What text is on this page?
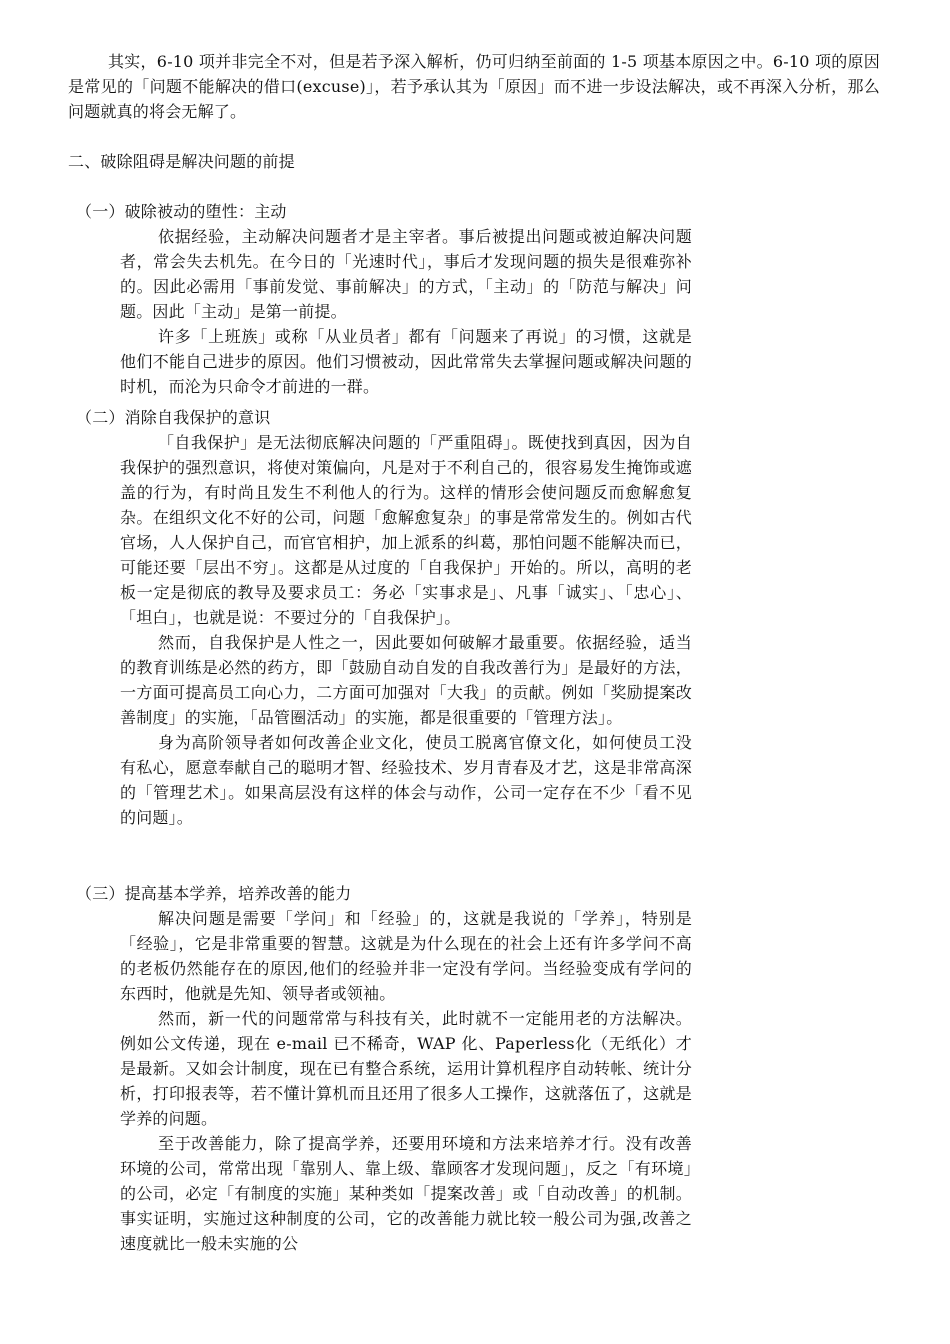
其实，6-10 项并非完全不对，但是若予深入解析，仍可归纳至前面的 1-5 项基本原因之中。6-10 项的原因是常见的「问题不能解决的借口(excuse)」，若予承认其为「原因」而不进一步设法解决，或不再深入分析，那么问题就真的将会无解了。

二、破除阻碍是解决问题的前提

（一）破除被动的堕性：主动

依据经验，主动解决问题者才是主宰者。事后被提出问题或被迫解决问题者，常会失去机先。在今日的「光速时代」，事后才发现问题的损失是很难弥补的。因此必需用「事前发觉、事前解决」的方式，「主动」的「防范与解决」问题。因此「主动」是第一前提。

许多「上班族」或称「从业员者」都有「问题来了再说」的习惯，这就是他们不能自己进步的原因。他们习惯被动，因此常常失去掌握问题或解决问题的时机，而沦为只命令才前进的一群。

（二）消除自我保护的意识

「自我保护」是无法彻底解决问题的「严重阻碍」。既使找到真因，因为自我保护的强烈意识，将使对策偏向，凡是对于不利自己的，很容易发生掩饰或遮盖的行为，有时尚且发生不利他人的行为。这样的情形会使问题反而愈解愈复杂。在组织文化不好的公司，问题「愈解愈复杂」的事是常常发生的。例如古代官场，人人保护自己，而官官相护，加上派系的纠葛，那怕问题不能解决而已，可能还要「层出不穷」。这都是从过度的「自我保护」开始的。所以，高明的老板一定是彻底的教导及要求员工：务必「实事求是」、凡事「诚实」、「忠心」、「坦白」，也就是说：不要过分的「自我保护」。

然而，自我保护是人性之一，因此要如何破解才最重要。依据经验，适当的教育训练是必然的药方，即「鼓励自动自发的自我改善行为」是最好的方法，一方面可提高员工向心力，二方面可加强对「大我」的贡献。例如「奖励提案改善制度」的实施，「品管圈活动」的实施，都是很重要的「管理方法」。

身为高阶领导者如何改善企业文化，使员工脱离官僚文化，如何使员工没有私心，愿意奉献自己的聪明才智、经验技术、岁月青春及才艺，这是非常高深的「管理艺术」。如果高层没有这样的体会与动作，公司一定存在不少「看不见的问题」。

（三）提高基本学养，培养改善的能力

解决问题是需要「学问」和「经验」的，这就是我说的「学养」，特别是「经验」，它是非常重要的智慧。这就是为什么现在的社会上还有许多学问不高的老板仍然能存在的原因,他们的经验并非一定没有学问。当经验变成有学问的东西时，他就是先知、领导者或领袖。

然而，新一代的问题常常与科技有关，此时就不一定能用老的方法解决。例如公文传递，现在 e-mail 已不稀奇，WAP 化、Paperless化（无纸化）才是最新。又如会计制度，现在已有整合系统，运用计算机程序自动转帐、统计分析，打印报表等，若不懂计算机而且还用了很多人工操作，这就落伍了，这就是学养的问题。

至于改善能力，除了提高学养，还要用环境和方法来培养才行。没有改善环境的公司，常常出现「靠别人、靠上级、靠顾客才发现问题」，反之「有环境」的公司，必定「有制度的实施」某种类如「提案改善」或「自动改善」的机制。事实证明，实施过这种制度的公司，它的改善能力就比较一般公司为强,改善之速度就比一般未实施的公
